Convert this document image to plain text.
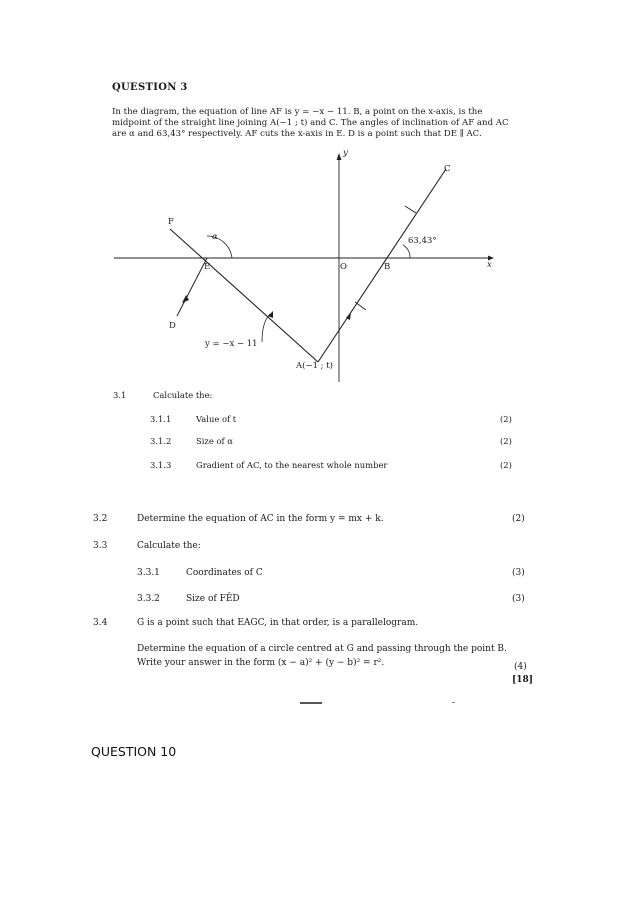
QUESTION 3
In the diagram, the equation of line AF is y = −x − 11. B, a point on the x-axis, is the
midpoint of the straight line joining A(−1 ; t) and C. The angles of inclination of AF and AC
are α and 63,43° respectively. AF cuts the x-axis in E. D is a point such that DE ∥ AC.
y
x
C
F
E	O	B
D
A(−1 ; t)
α	63,43°
y = −x − 11
3.1	Calculate the:
3.1.1	Value of t	(2)
3.1.2	Size of α	(2)
3.1.3	Gradient of AC, to the nearest whole number	(2)
3.2	Determine the equation of AC in the form y = mx + k.	(2)
3.3	Calculate the:
3.3.1	Coordinates of C	(3)
3.3.2	Size of FÊD	(3)
3.4	G is a point such that EAGC, in that order, is a parallelogram.
Determine the equation of a circle centred at G and passing through the point B.
Write your answer in the form (x − a)² + (y − b)² = r².	(4)
[18]
QUESTION 10
